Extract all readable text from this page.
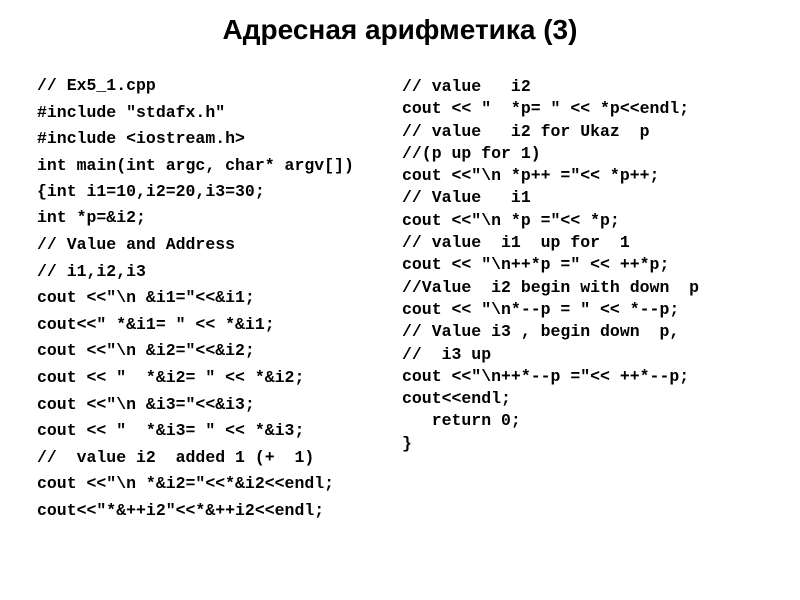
Адресная арифметика (3)
// Ex5_1.cpp
#include "stdafx.h"
#include <iostream.h>
int main(int argc, char* argv[])
{int i1=10,i2=20,i3=30;
int *p=&i2;
// Value and Address
// i1,i2,i3
cout <<"\n &i1="<<&i1;
cout<<" *&i1= " << *&i1;
cout <<"\n &i2="<<&i2;
cout << "  *&i2= " << *&i2;
cout <<"\n &i3="<<&i3;
cout << "  *&i3= " << *&i3;
//  value i2  added 1 (+  1)
cout <<"\n *&i2="<<*&i2<<endl;
cout<<"*&++i2"<<*&++i2<<endl;
// value   i2
cout << "  *p= " << *p<<endl;
// value   i2 for Ukaz  p
//(p up for 1)
cout <<"\n *p++ ="<< *p++;
// Value   i1
cout <<"\n *p ="<< *p;
// value  i1  up for  1
cout << "\n++*p =" << ++*p;
//Value  i2 begin with down  p
cout << "\n*--p = " << *--p;
// Value i3 , begin down  p,
//  i3 up
cout <<"\n++*--p ="<< ++*--p;
cout<<endl;
return 0;
}
